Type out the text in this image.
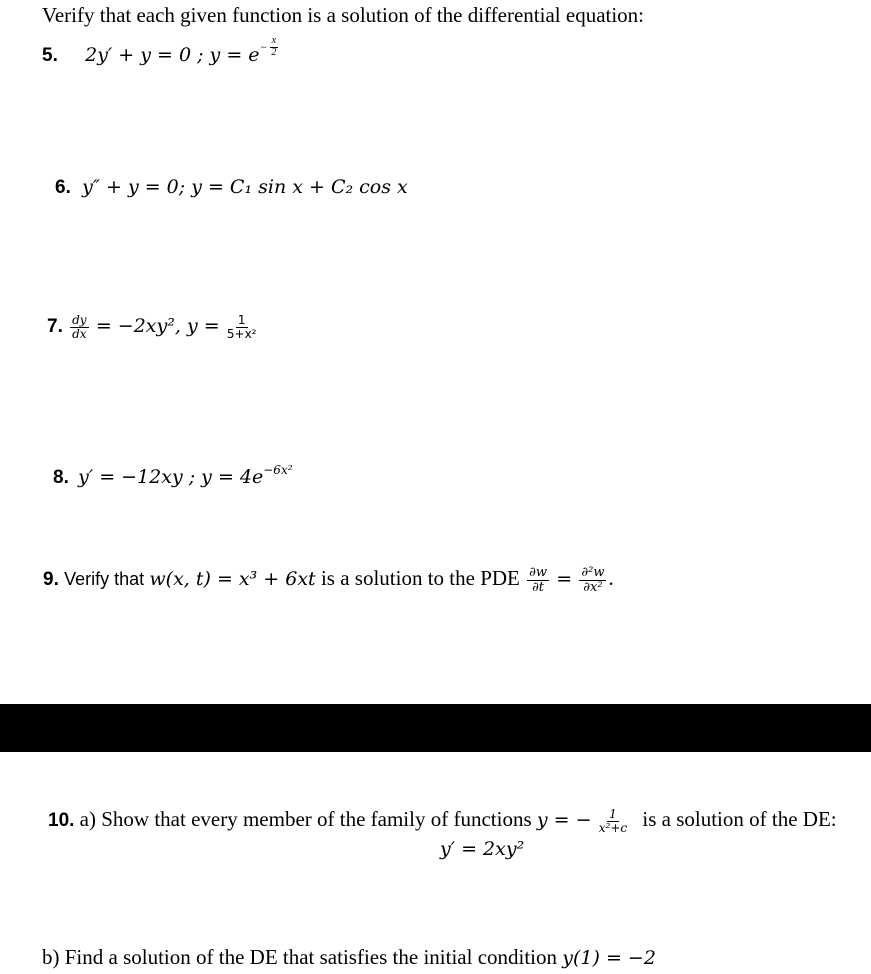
Verify that each given function is a solution of the differential equation:
5. 2y′ + y = 0 ; $y = e - \frac{x}{2}$
6. y″ + y = 0; y = C₁ sin x + C₂ cos x
7. $\frac{dy}{dx} = -2xy^2$, $y = \frac{1}{\text{5+x²}}$
8. y′ = −12xy ; $y = 4e^{-6x^2}$
9. Verify that w(x, t) = x³ + 6xt is a solution to the PDE $\frac{\partial w}{\partial t} = \frac{\text{∂²w}}{\text{∂x²}}$ .
10. a) Show that every member of the family of functions y = − $\frac{1}{\text{x²+c}}$ is a solution of the DE:
y′ = 2xy²
b) Find a solution of the DE that satisfies the initial condition y(1) = −2
